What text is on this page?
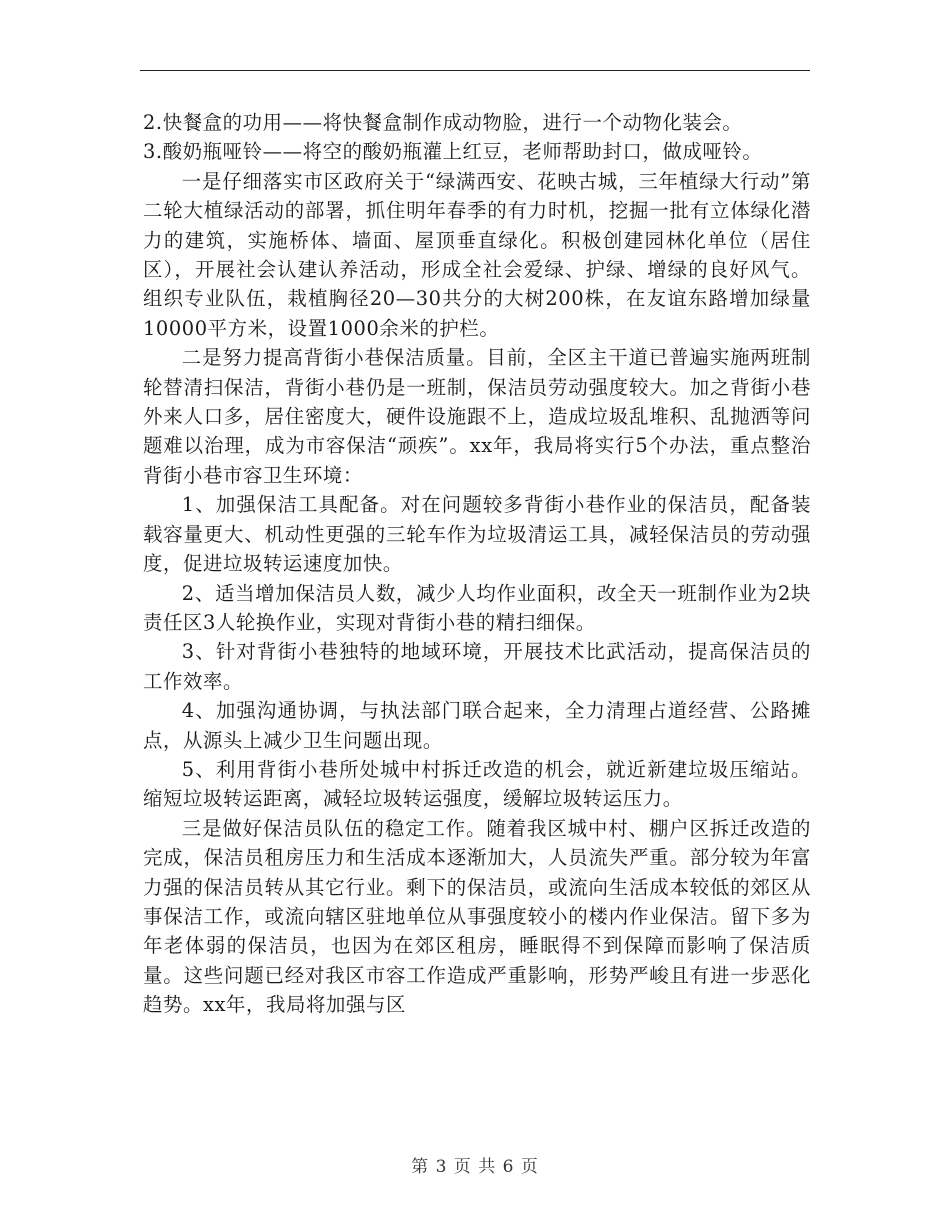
2.快餐盒的功用——将快餐盒制作成动物脸，进行一个动物化装会。

3.酸奶瓶哑铃——将空的酸奶瓶灌上红豆，老师帮助封口，做成哑铃。

一是仔细落实市区政府关于“绿满西安、花映古城，三年植绿大行动”第二轮大植绿活动的部署，抓住明年春季的有力时机，挖掘一批有立体绿化潜力的建筑，实施桥体、墙面、屋顶垂直绿化。积极创建园林化单位（居住区），开展社会认建认养活动，形成全社会爱绿、护绿、增绿的良好风气。组织专业队伍，栽植胸径20—30共分的大树200株，在友谊东路增加绿量10000平方米，设置1000余米的护栏。

二是努力提高背街小巷保洁质量。目前，全区主干道已普遍实施两班制轮替清扫保洁，背街小巷仍是一班制，保洁员劳动强度较大。加之背街小巷外来人口多，居住密度大，硬件设施跟不上，造成垃圾乱堆积、乱抛洒等问题难以治理，成为市容保洁“顽疾”。xx年，我局将实行5个办法，重点整治背街小巷市容卫生环境：

1、加强保洁工具配备。对在问题较多背街小巷作业的保洁员，配备装载容量更大、机动性更强的三轮车作为垃圾清运工具，减轻保洁员的劳动强度，促进垃圾转运速度加快。

2、适当增加保洁员人数，减少人均作业面积，改全天一班制作业为2块责任区3人轮换作业，实现对背街小巷的精扫细保。

3、针对背街小巷独特的地域环境，开展技术比武活动，提高保洁员的工作效率。

4、加强沟通协调，与执法部门联合起来，全力清理占道经营、公路摊点，从源头上减少卫生问题出现。

5、利用背街小巷所处城中村拆迁改造的机会，就近新建垃圾压缩站。缩短垃圾转运距离，减轻垃圾转运强度，缓解垃圾转运压力。

三是做好保洁员队伍的稳定工作。随着我区城中村、棚户区拆迁改造的完成，保洁员租房压力和生活成本逐渐加大，人员流失严重。部分较为年富力强的保洁员转从其它行业。剩下的保洁员，或流向生活成本较低的郊区从事保洁工作，或流向辖区驻地单位从事强度较小的楼内作业保洁。留下多为年老体弱的保洁员，也因为在郊区租房，睡眠得不到保障而影响了保洁质量。这些问题已经对我区市容工作造成严重影响，形势严峻且有进一步恶化趋势。xx年，我局将加强与区

第 3 页 共 6 页
